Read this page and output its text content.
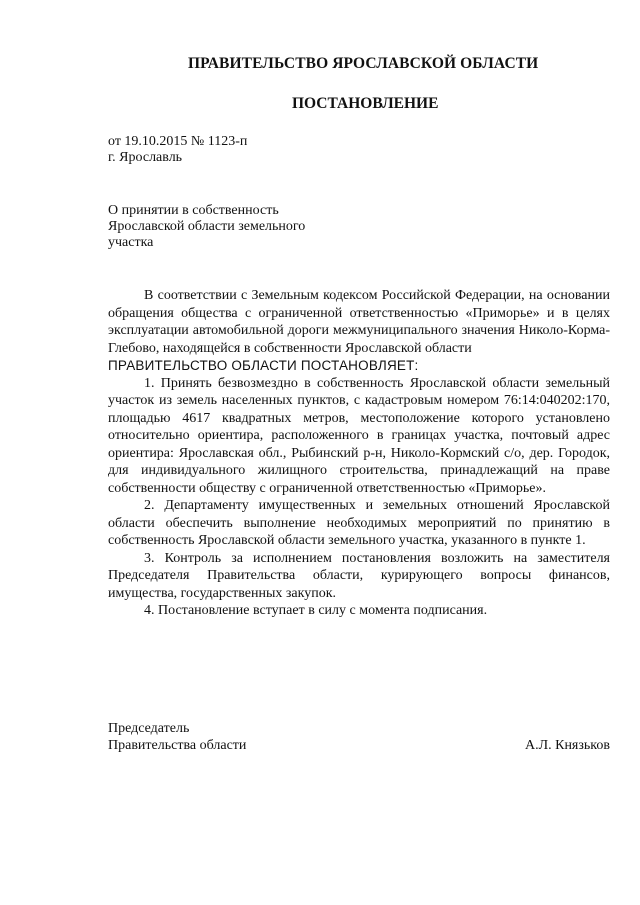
ПРАВИТЕЛЬСТВО ЯРОСЛАВСКОЙ ОБЛАСТИ
ПОСТАНОВЛЕНИЕ
от 19.10.2015 № 1123-п
г. Ярославль
О принятии в собственность
Ярославской области земельного
участка

В соответствии с Земельным кодексом Российской Федерации, на основании обращения общества с ограниченной ответственностью «Приморье» и в целях эксплуатации автомобильной дороги межмуниципального значения Николо-Корма-Глебово, находящейся в собственности Ярославской области

ПРАВИТЕЛЬСТВО ОБЛАСТИ ПОСТАНОВЛЯЕТ:

1. Принять безвозмездно в собственность Ярославской области земельный участок из земель населенных пунктов, с кадастровым номером 76:14:040202:170, площадью 4617 квадратных метров, местоположение которого установлено относительно ориентира, расположенного в границах участка, почтовый адрес ориентира: Ярославская обл., Рыбинский р-н, Николо-Кормский с/о, дер. Городок, для индивидуального жилищного строительства, принадлежащий на праве собственности обществу с ограниченной ответственностью «Приморье».

2. Департаменту имущественных и земельных отношений Ярославской области обеспечить выполнение необходимых мероприятий по принятию в собственность Ярославской области земельного участка, указанного в пункте 1.

3. Контроль за исполнением постановления возложить на заместителя Председателя Правительства области, курирующего вопросы финансов, имущества, государственных закупок.

4. Постановление вступает в силу с момента подписания.

Председатель
Правительства области	А.Л. Князьков
